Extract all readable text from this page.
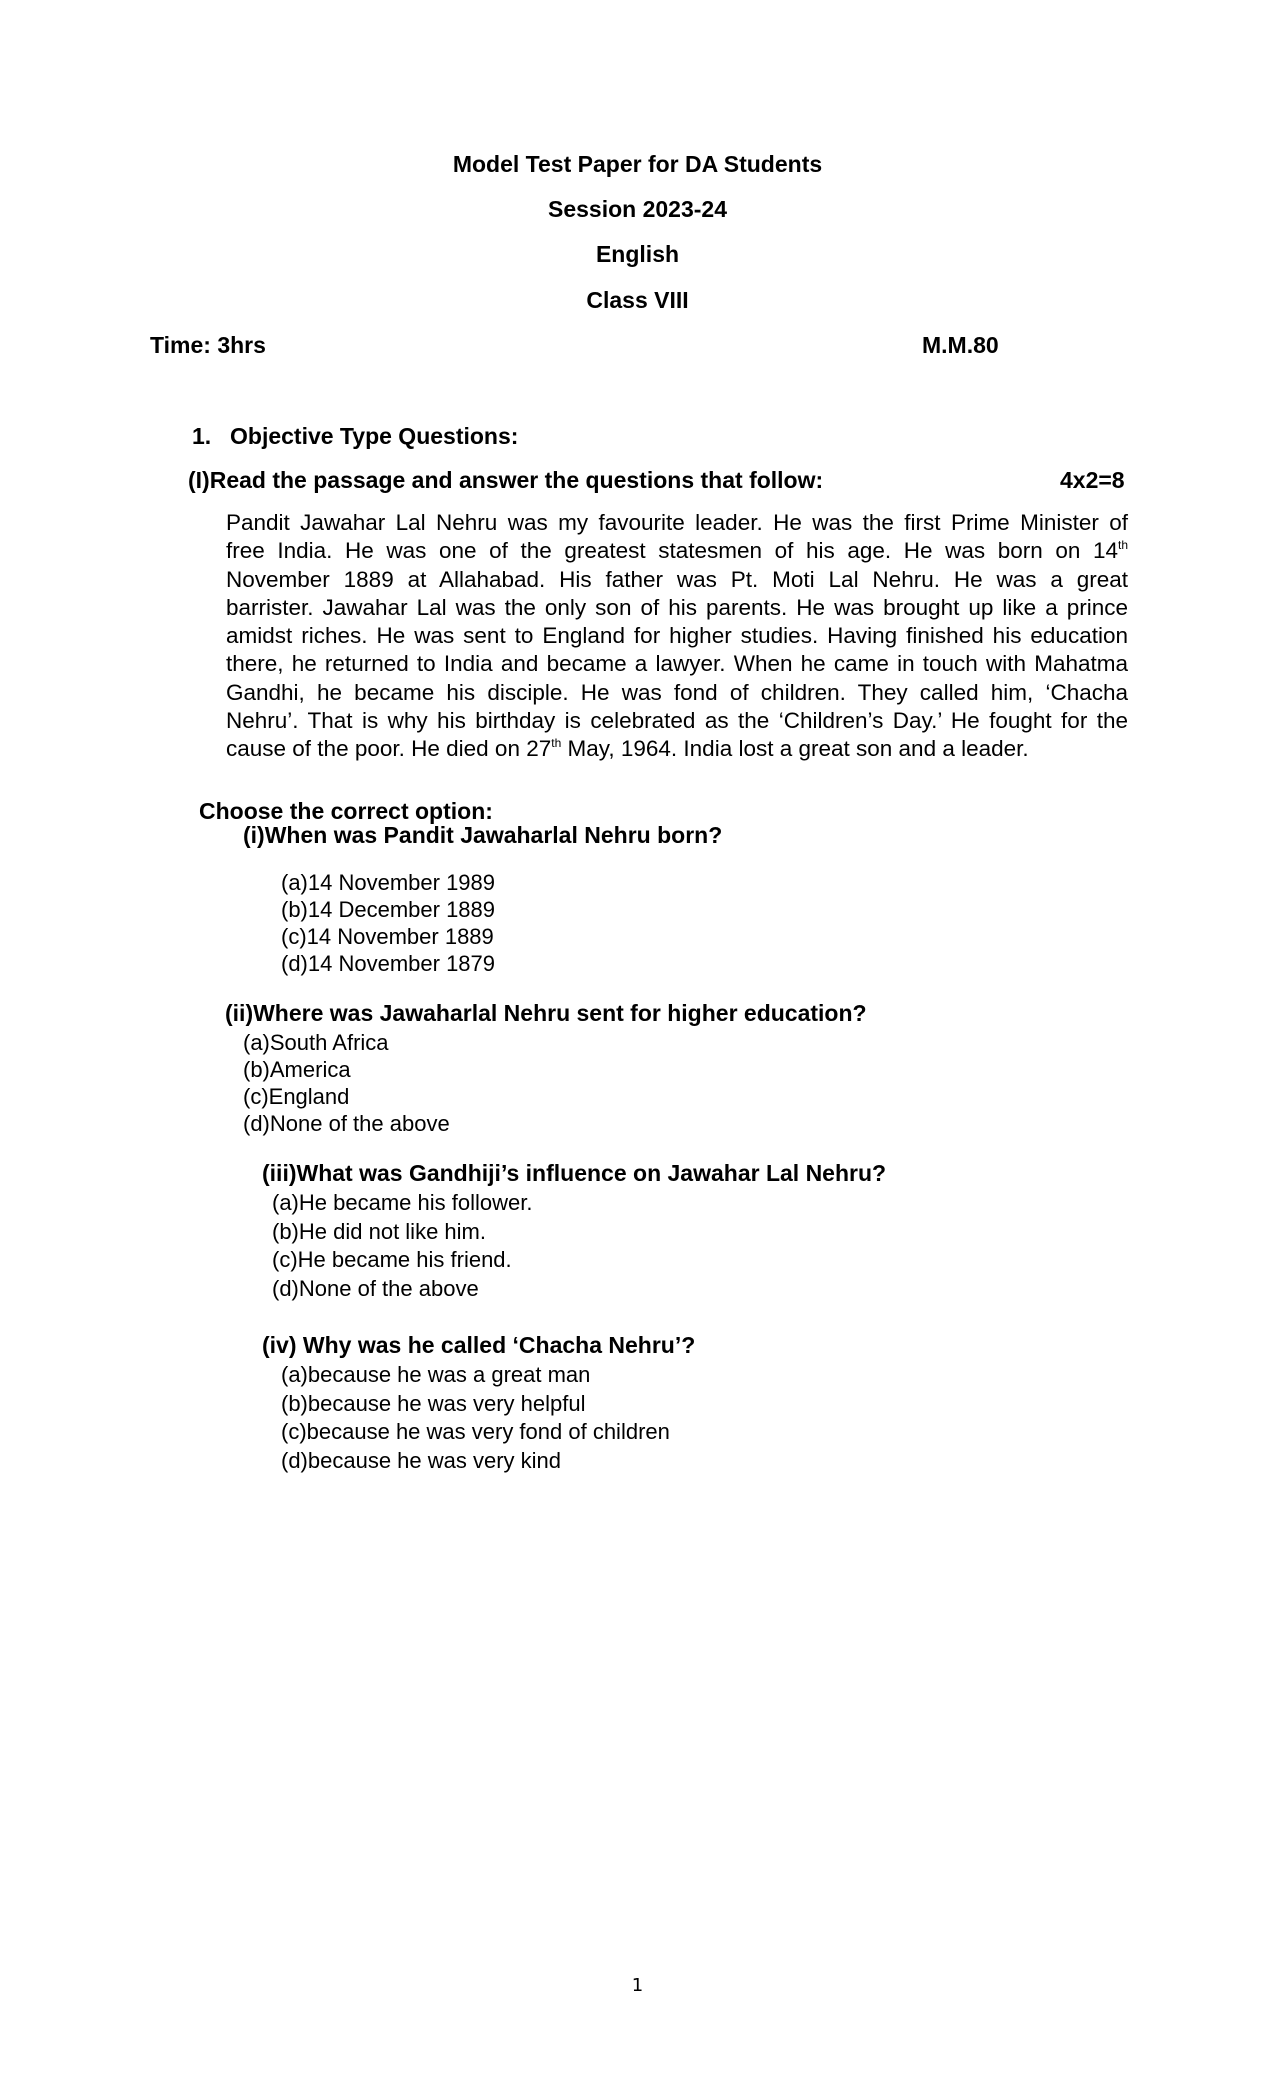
Model Test Paper for DA Students
Session 2023-24
English
Class VIII
Time: 3hrs	M.M.80
1. Objective Type Questions:
(I)Read the passage and answer the questions that follow:	4x2=8
Pandit Jawahar Lal Nehru was my favourite leader. He was the first Prime Minister of
free India. He was one of the greatest statesmen of his age. He was born on 14th
November 1889 at Allahabad. His father was Pt. Moti Lal Nehru. He was a great
barrister. Jawahar Lal was the only son of his parents. He was brought up like a prince
amidst riches. He was sent to England for higher studies. Having finished his education
there, he returned to India and became a lawyer. When he came in touch with Mahatma
Gandhi, he became his disciple. He was fond of children. They called him, ‘Chacha
Nehru’. That is why his birthday is celebrated as the ‘Children’s Day.’ He fought for the
cause of the poor. He died on 27th May, 1964. India lost a great son and a leader.
Choose the correct option:
(i)When was Pandit Jawaharlal Nehru born?
(a)14 November 1989
(b)14 December 1889
(c)14 November 1889
(d)14 November 1879
(ii)Where was Jawaharlal Nehru sent for higher education?
(a)South Africa
(b)America
(c)England
(d)None of the above
(iii)What was Gandhiji’s influence on Jawahar Lal Nehru?
(a)He became his follower.
(b)He did not like him.
(c)He became his friend.
(d)None of the above
(iv) Why was he called ‘Chacha Nehru’?
(a)because he was a great man
(b)because he was very helpful
(c)because he was very fond of children
(d)because he was very kind
1
